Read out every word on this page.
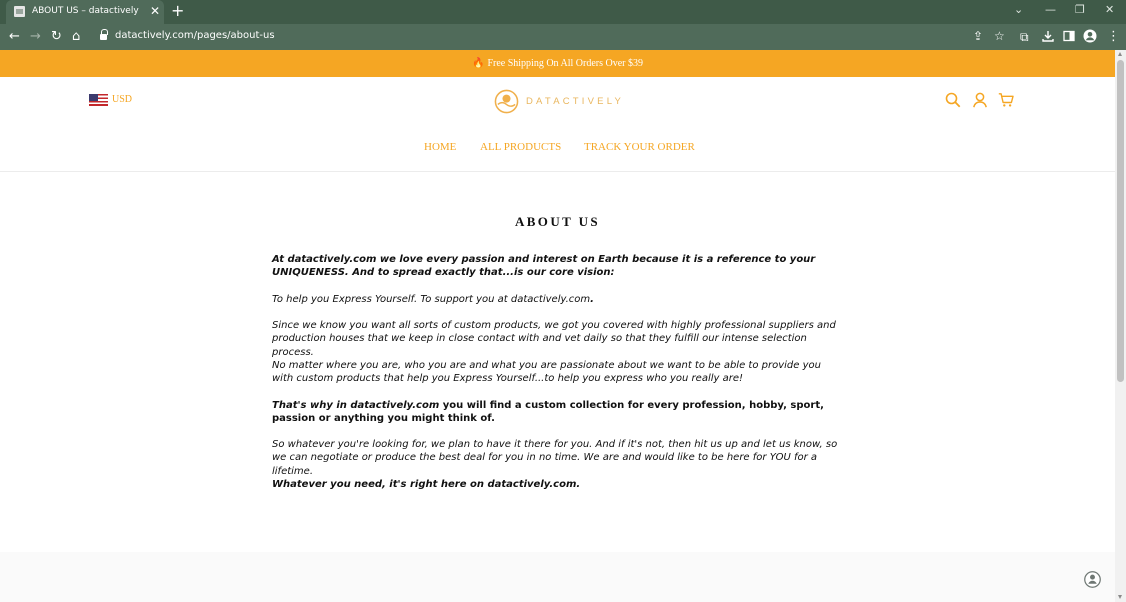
ABOUT US – datactively ✕ +	⌄ — ❐ ✕
← → ↻ ⌂	datactively.com/pages/about-us	⇪ ☆ ⧉	⋮
🔥 Free Shipping On All Orders Over $39
USD	DATACTIVELY
HOME ALL PRODUCTS TRACK YOUR ORDER
ABOUT US

At datactively.com we love every passion and interest on Earth because it is a reference to your UNIQUENESS. And to spread exactly that...is our core vision:

To help you Express Yourself. To support you at datactively.com.

Since we know you want all sorts of custom products, we got you covered with highly professional suppliers and production houses that we keep in close contact with and vet daily so that they fulfill our intense selection process.

No matter where you are, who you are and what you are passionate about we want to be able to provide you with custom products that help you Express Yourself...to help you express who you really are!

That's why in datactively.com you will find a custom collection for every profession, hobby, sport, passion or anything you might think of.

So whatever you're looking for, we plan to have it there for you. And if it's not, then hit us up and let us know, so we can negotiate or produce the best deal for you in no time. We are and would like to be here for YOU for a lifetime.

Whatever you need, it's right here on datactively.com.
